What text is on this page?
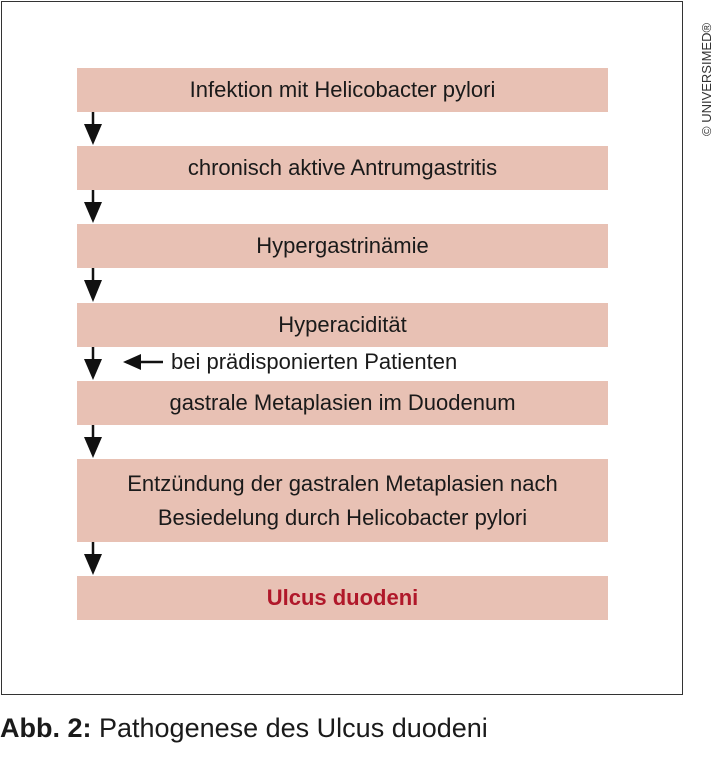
Infektion mit Helicobacter pylori
chronisch aktive Antrumgastritis
Hypergastrinämie
Hyperacidität
gastrale Metaplasien im Duodenum
Entzündung der gastralen Metaplasien nach
Besiedelung durch Helicobacter pylori
Ulcus duodeni
bei prädisponierten Patienten
© UNIVERSIMED®
Abb. 2: Pathogenese des Ulcus duodeni
